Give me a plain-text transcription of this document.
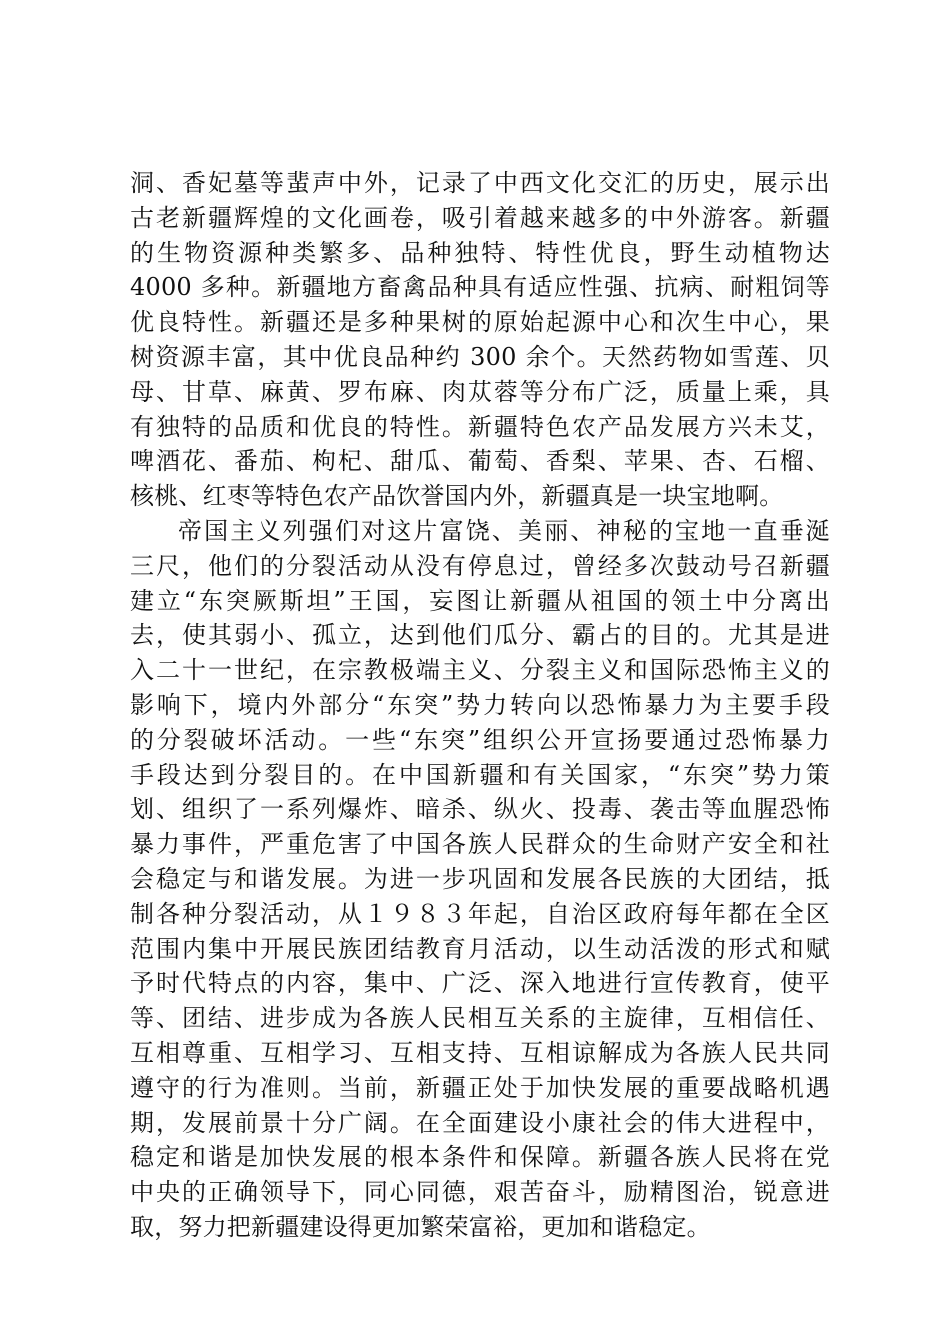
洞、香妃墓等蜚声中外，记录了中西文化交汇的历史，展示出
古老新疆辉煌的文化画卷，吸引着越来越多的中外游客。新疆
的生物资源种类繁多、品种独特、特性优良，野生动植物达
4000 多种。新疆地方畜禽品种具有适应性强、抗病、耐粗饲等
优良特性。新疆还是多种果树的原始起源中心和次生中心，果
树资源丰富，其中优良品种约 300 余个。天然药物如雪莲、贝
母、甘草、麻黄、罗布麻、肉苁蓉等分布广泛，质量上乘，具
有独特的品质和优良的特性。新疆特色农产品发展方兴未艾，
啤酒花、番茄、枸杞、甜瓜、葡萄、香梨、苹果、杏、石榴、
核桃、红枣等特色农产品饮誉国内外，新疆真是一块宝地啊。
帝国主义列强们对这片富饶、美丽、神秘的宝地一直垂涎
三尺，他们的分裂活动从没有停息过，曾经多次鼓动号召新疆
建立“东突厥斯坦”王国，妄图让新疆从祖国的领土中分离出
去，使其弱小、孤立，达到他们瓜分、霸占的目的。尤其是进
入二十一世纪，在宗教极端主义、分裂主义和国际恐怖主义的
影响下，境内外部分“东突”势力转向以恐怖暴力为主要手段
的分裂破坏活动。一些“东突”组织公开宣扬要通过恐怖暴力
手段达到分裂目的。在中国新疆和有关国家，“东突”势力策
划、组织了一系列爆炸、暗杀、纵火、投毒、袭击等血腥恐怖
暴力事件，严重危害了中国各族人民群众的生命财产安全和社
会稳定与和谐发展。为进一步巩固和发展各民族的大团结，抵
制各种分裂活动，从１９８３年起，自治区政府每年都在全区
范围内集中开展民族团结教育月活动，以生动活泼的形式和赋
予时代特点的内容，集中、广泛、深入地进行宣传教育，使平
等、团结、进步成为各族人民相互关系的主旋律，互相信任、
互相尊重、互相学习、互相支持、互相谅解成为各族人民共同
遵守的行为准则。当前，新疆正处于加快发展的重要战略机遇
期，发展前景十分广阔。在全面建设小康社会的伟大进程中，
稳定和谐是加快发展的根本条件和保障。新疆各族人民将在党
中央的正确领导下，同心同德，艰苦奋斗，励精图治，锐意进
取，努力把新疆建设得更加繁荣富裕，更加和谐稳定。
